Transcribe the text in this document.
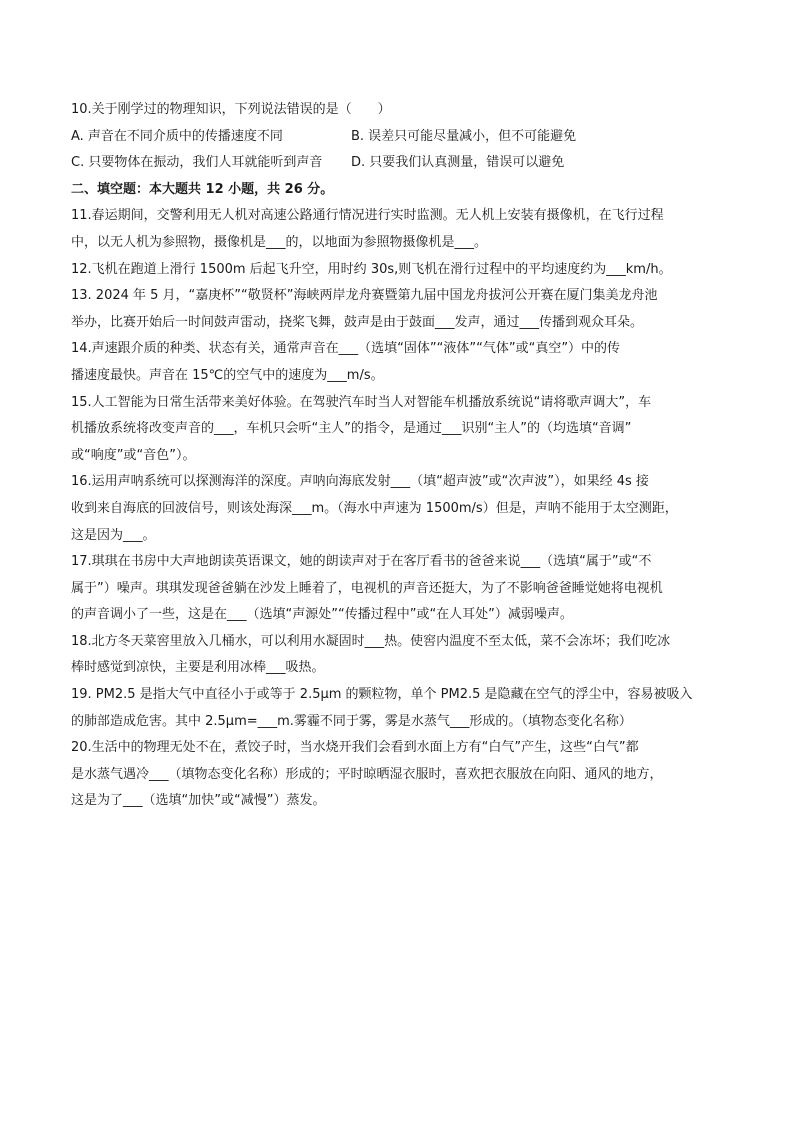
10.关于刚学过的物理知识，下列说法错误的是（　　）
A. 声音在不同介质中的传播速度不同	B. 误差只可能尽量减小，但不可能避免
C. 只要物体在振动，我们人耳就能听到声音	D. 只要我们认真测量，错误可以避免
二、填空题：本大题共 12 小题，共 26 分。
11.春运期间，交警利用无人机对高速公路通行情况进行实时监测。无人机上安装有摄像机，在飞行过程
中，以无人机为参照物，摄像机是___的，以地面为参照物摄像机是___。
12.飞机在跑道上滑行 1500m 后起飞升空，用时约 30s,则飞机在滑行过程中的平均速度约为___km/h。
13. 2024 年 5 月，“嘉庚杯”“敬贤杯”海峡两岸龙舟赛暨第九届中国龙舟拔河公开赛在厦门集美龙舟池
举办，比赛开始后一时间鼓声雷动，挠桨飞舞，鼓声是由于鼓面___发声，通过___传播到观众耳朵。
14.声速跟介质的种类、状态有关，通常声音在___（选填“固体”“液体”“气体”或“真空”）中的传
播速度最快。声音在 15℃的空气中的速度为___m/s。
15.人工智能为日常生活带来美好体验。在驾驶汽车时当人对智能车机播放系统说“请将歌声调大”，车
机播放系统将改变声音的___，车机只会听“主人”的指令，是通过___识别“主人”的（均选填“音调”
或“响度”或“音色”）。
16.运用声呐系统可以探测海洋的深度。声呐向海底发射___（填“超声波”或“次声波”），如果经 4s 接
收到来自海底的回波信号，则该处海深___m。（海水中声速为 1500m/s）但是，声呐不能用于太空测距，
这是因为___。
17.琪琪在书房中大声地朗读英语课文，她的朗读声对于在客厅看书的爸爸来说___（选填“属于”或“不
属于”）噪声。琪琪发现爸爸躺在沙发上睡着了，电视机的声音还挺大，为了不影响爸爸睡觉她将电视机
的声音调小了一些，这是在___（选填“声源处”“传播过程中”或“在人耳处”）减弱噪声。
18.北方冬天菜窖里放入几桶水，可以利用水凝固时___热。使窖内温度不至太低，菜不会冻坏；我们吃冰
棒时感觉到凉快，主要是利用冰棒___吸热。
19. PM2.5 是指大气中直径小于或等于 2.5μm 的颗粒物，单个 PM2.5 是隐藏在空气的浮尘中，容易被吸入
的肺部造成危害。其中 2.5μm=___m.雾霾不同于雾，雾是水蒸气___形成的。（填物态变化名称）
20.生活中的物理无处不在，煮饺子时，当水烧开我们会看到水面上方有“白气”产生，这些“白气”都
是水蒸气遇冷___（填物态变化名称）形成的；平时晾晒湿衣服时，喜欢把衣服放在向阳、通风的地方，
这是为了___（选填“加快”或“减慢”）蒸发。
